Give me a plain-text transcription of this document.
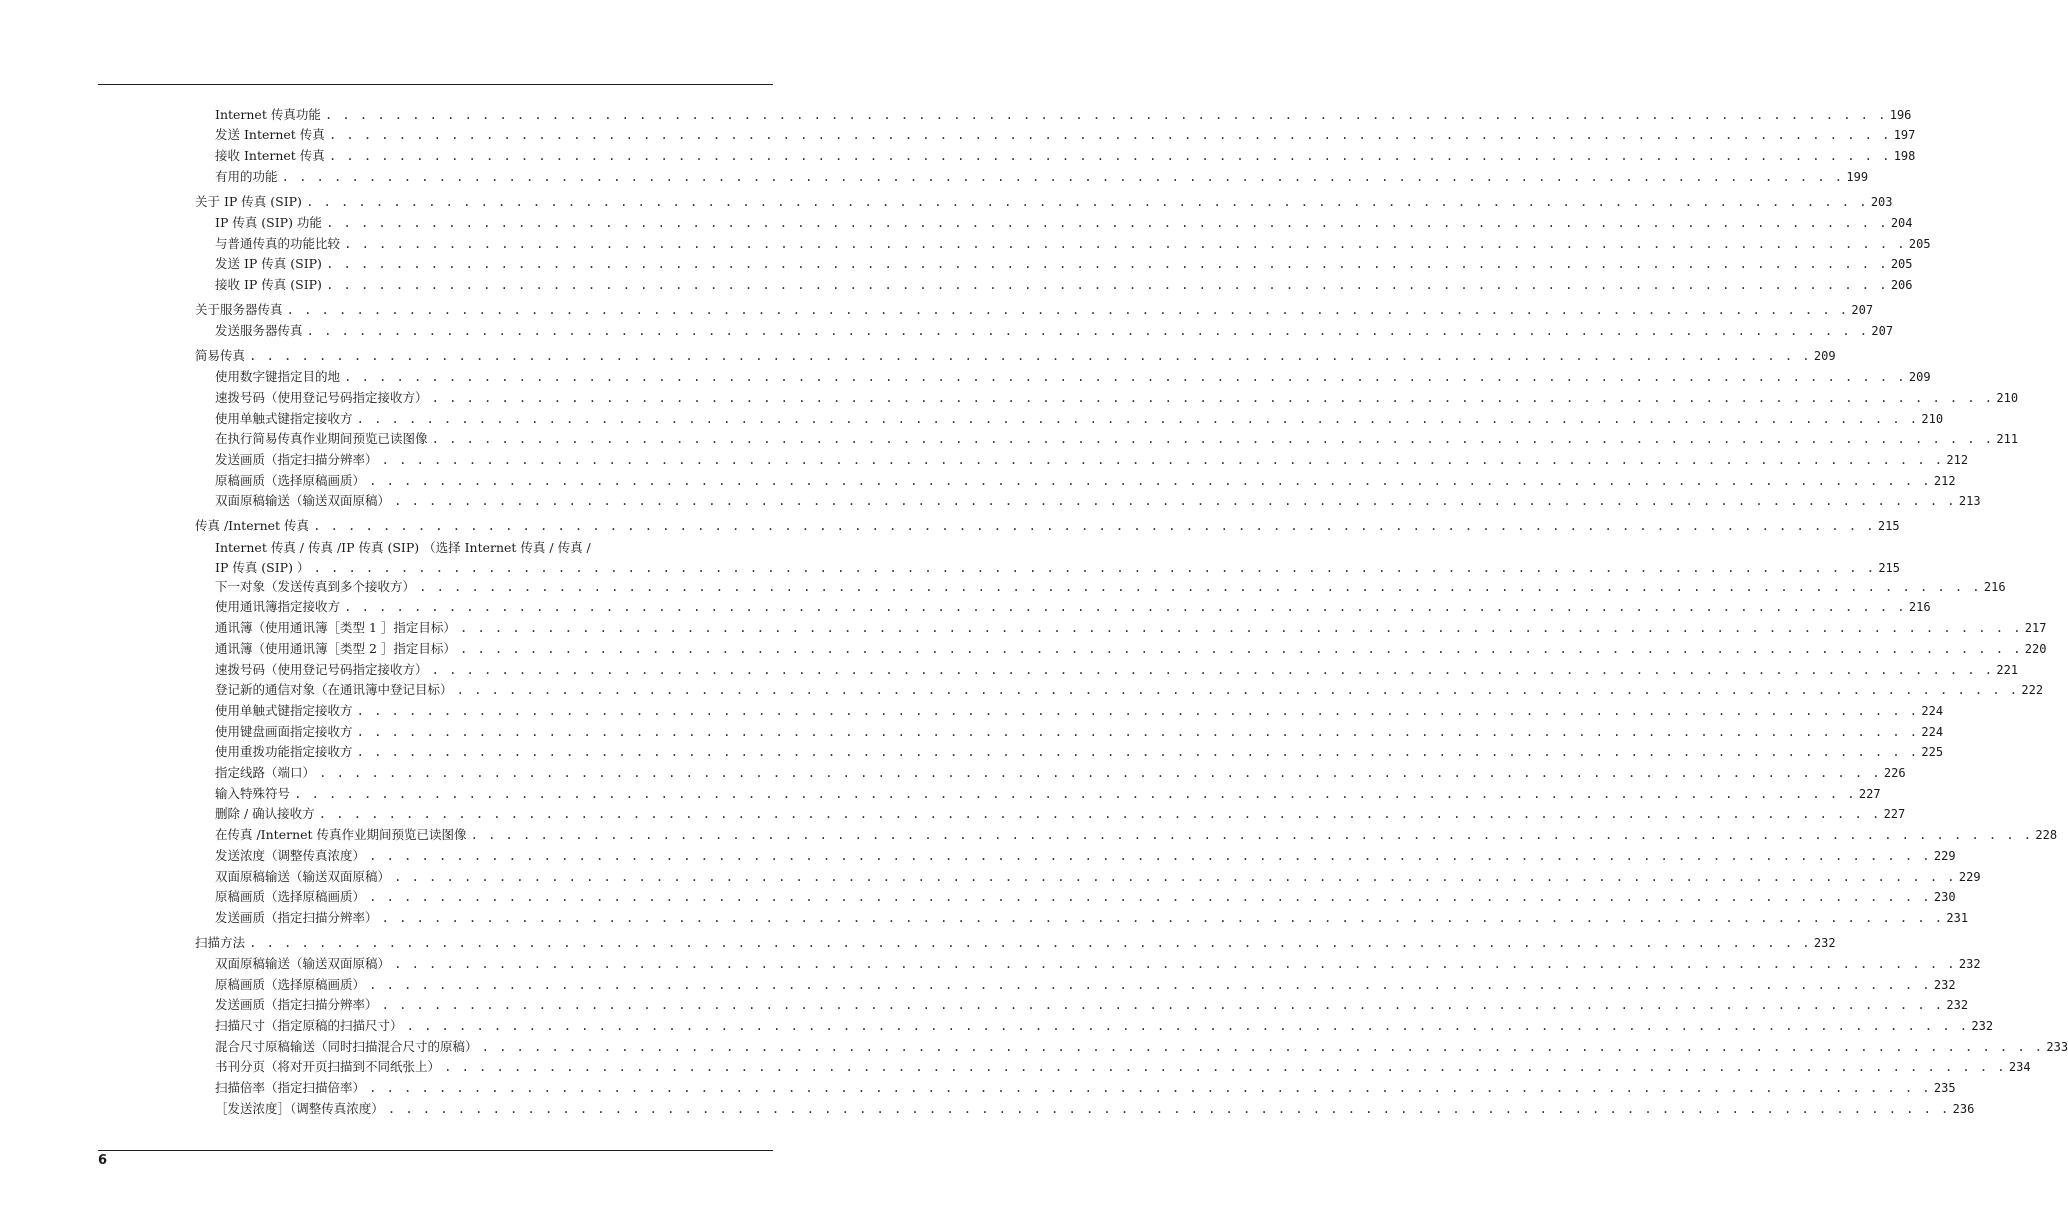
Internet 传真功能 . . . . . . . . . . . . . . . . . . . . . . . . . . . . . . . . . . . . . . . . . . . . . . . . . . . . . . . . . . . . . . . . . . . . . . . . . . . . . . . . . . . . . . . . . . 196
发送 Internet 传真 . . . . . . . . . . . . . . . . . . . . . . . . . . . . . . . . . . . . . . . . . . . . . . . . . . . . . . . . . . . . . . . . . . . . . . . . . . . . . . . . . . . . . . . . . . 197
接收 Internet 传真 . . . . . . . . . . . . . . . . . . . . . . . . . . . . . . . . . . . . . . . . . . . . . . . . . . . . . . . . . . . . . . . . . . . . . . . . . . . . . . . . . . . . . . . . . . 198
有用的功能 . . . . . . . . . . . . . . . . . . . . . . . . . . . . . . . . . . . . . . . . . . . . . . . . . . . . . . . . . . . . . . . . . . . . . . . . . . . . . . . . . . . . . . . . . . 199
关于 IP 传真 (SIP) . . . . . . . . . . . . . . . . . . . . . . . . . . . . . . . . . . . . . . . . . . . . . . . . . . . . . . . . . . . . . . . . . . . . . . . . . . . . . . . . . . . . . . . . . . 203
IP 传真 (SIP) 功能 . . . . . . . . . . . . . . . . . . . . . . . . . . . . . . . . . . . . . . . . . . . . . . . . . . . . . . . . . . . . . . . . . . . . . . . . . . . . . . . . . . . . . . . . . . 204
与普通传真的功能比较 . . . . . . . . . . . . . . . . . . . . . . . . . . . . . . . . . . . . . . . . . . . . . . . . . . . . . . . . . . . . . . . . . . . . . . . . . . . . . . . . . . . . . . . . . . 205
发送 IP 传真 (SIP) . . . . . . . . . . . . . . . . . . . . . . . . . . . . . . . . . . . . . . . . . . . . . . . . . . . . . . . . . . . . . . . . . . . . . . . . . . . . . . . . . . . . . . . . . . 205
接收 IP 传真 (SIP) . . . . . . . . . . . . . . . . . . . . . . . . . . . . . . . . . . . . . . . . . . . . . . . . . . . . . . . . . . . . . . . . . . . . . . . . . . . . . . . . . . . . . . . . . . 206
关于服务器传真 . . . . . . . . . . . . . . . . . . . . . . . . . . . . . . . . . . . . . . . . . . . . . . . . . . . . . . . . . . . . . . . . . . . . . . . . . . . . . . . . . . . . . . . . . . 207
发送服务器传真 . . . . . . . . . . . . . . . . . . . . . . . . . . . . . . . . . . . . . . . . . . . . . . . . . . . . . . . . . . . . . . . . . . . . . . . . . . . . . . . . . . . . . . . . . . 207
简易传真 . . . . . . . . . . . . . . . . . . . . . . . . . . . . . . . . . . . . . . . . . . . . . . . . . . . . . . . . . . . . . . . . . . . . . . . . . . . . . . . . . . . . . . . . . . 209
使用数字键指定目的地 . . . . . . . . . . . . . . . . . . . . . . . . . . . . . . . . . . . . . . . . . . . . . . . . . . . . . . . . . . . . . . . . . . . . . . . . . . . . . . . . . . . . . . . . . . 209
速拨号码（使用登记号码指定接收方） . . . . . . . . . . . . . . . . . . . . . . . . . . . . . . . . . . . . . . . . . . . . . . . . . . . . . . . . . . . . . . . . . . . . . . . . . . . . . . . . . . . . . . . . . . 210
使用单触式键指定接收方 . . . . . . . . . . . . . . . . . . . . . . . . . . . . . . . . . . . . . . . . . . . . . . . . . . . . . . . . . . . . . . . . . . . . . . . . . . . . . . . . . . . . . . . . . . 210
在执行简易传真作业期间预览已读图像 . . . . . . . . . . . . . . . . . . . . . . . . . . . . . . . . . . . . . . . . . . . . . . . . . . . . . . . . . . . . . . . . . . . . . . . . . . . . . . . . . . . . . . . . . . 211
发送画质（指定扫描分辨率） . . . . . . . . . . . . . . . . . . . . . . . . . . . . . . . . . . . . . . . . . . . . . . . . . . . . . . . . . . . . . . . . . . . . . . . . . . . . . . . . . . . . . . . . . . 212
原稿画质（选择原稿画质） . . . . . . . . . . . . . . . . . . . . . . . . . . . . . . . . . . . . . . . . . . . . . . . . . . . . . . . . . . . . . . . . . . . . . . . . . . . . . . . . . . . . . . . . . . 212
双面原稿输送（输送双面原稿） . . . . . . . . . . . . . . . . . . . . . . . . . . . . . . . . . . . . . . . . . . . . . . . . . . . . . . . . . . . . . . . . . . . . . . . . . . . . . . . . . . . . . . . . . . 213
传真 /Internet 传真 . . . . . . . . . . . . . . . . . . . . . . . . . . . . . . . . . . . . . . . . . . . . . . . . . . . . . . . . . . . . . . . . . . . . . . . . . . . . . . . . . . . . . . . . . . 215
Internet 传真 / 传真 /IP 传真 (SIP) （选择 Internet 传真 / 传真 /
IP 传真 (SIP) ） . . . . . . . . . . . . . . . . . . . . . . . . . . . . . . . . . . . . . . . . . . . . . . . . . . . . . . . . . . . . . . . . . . . . . . . . . . . . . . . . . . . . . . . . . . 215
下一对象（发送传真到多个接收方） . . . . . . . . . . . . . . . . . . . . . . . . . . . . . . . . . . . . . . . . . . . . . . . . . . . . . . . . . . . . . . . . . . . . . . . . . . . . . . . . . . . . . . . . . . 216
使用通讯簿指定接收方 . . . . . . . . . . . . . . . . . . . . . . . . . . . . . . . . . . . . . . . . . . . . . . . . . . . . . . . . . . . . . . . . . . . . . . . . . . . . . . . . . . . . . . . . . . 216
通讯簿（使用通讯簿［类型 1 ］指定目标） . . . . . . . . . . . . . . . . . . . . . . . . . . . . . . . . . . . . . . . . . . . . . . . . . . . . . . . . . . . . . . . . . . . . . . . . . . . . . . . . . . . . . . . . . . 217
通讯簿（使用通讯簿［类型 2 ］指定目标） . . . . . . . . . . . . . . . . . . . . . . . . . . . . . . . . . . . . . . . . . . . . . . . . . . . . . . . . . . . . . . . . . . . . . . . . . . . . . . . . . . . . . . . . . . 220
速拨号码（使用登记号码指定接收方） . . . . . . . . . . . . . . . . . . . . . . . . . . . . . . . . . . . . . . . . . . . . . . . . . . . . . . . . . . . . . . . . . . . . . . . . . . . . . . . . . . . . . . . . . . 221
登记新的通信对象（在通讯簿中登记目标） . . . . . . . . . . . . . . . . . . . . . . . . . . . . . . . . . . . . . . . . . . . . . . . . . . . . . . . . . . . . . . . . . . . . . . . . . . . . . . . . . . . . . . . . . . 222
使用单触式键指定接收方 . . . . . . . . . . . . . . . . . . . . . . . . . . . . . . . . . . . . . . . . . . . . . . . . . . . . . . . . . . . . . . . . . . . . . . . . . . . . . . . . . . . . . . . . . . 224
使用键盘画面指定接收方 . . . . . . . . . . . . . . . . . . . . . . . . . . . . . . . . . . . . . . . . . . . . . . . . . . . . . . . . . . . . . . . . . . . . . . . . . . . . . . . . . . . . . . . . . . 224
使用重拨功能指定接收方 . . . . . . . . . . . . . . . . . . . . . . . . . . . . . . . . . . . . . . . . . . . . . . . . . . . . . . . . . . . . . . . . . . . . . . . . . . . . . . . . . . . . . . . . . . 225
指定线路（端口） . . . . . . . . . . . . . . . . . . . . . . . . . . . . . . . . . . . . . . . . . . . . . . . . . . . . . . . . . . . . . . . . . . . . . . . . . . . . . . . . . . . . . . . . . . 226
输入特殊符号 . . . . . . . . . . . . . . . . . . . . . . . . . . . . . . . . . . . . . . . . . . . . . . . . . . . . . . . . . . . . . . . . . . . . . . . . . . . . . . . . . . . . . . . . . . 227
删除 / 确认接收方 . . . . . . . . . . . . . . . . . . . . . . . . . . . . . . . . . . . . . . . . . . . . . . . . . . . . . . . . . . . . . . . . . . . . . . . . . . . . . . . . . . . . . . . . . . 227
在传真 /Internet 传真作业期间预览已读图像 . . . . . . . . . . . . . . . . . . . . . . . . . . . . . . . . . . . . . . . . . . . . . . . . . . . . . . . . . . . . . . . . . . . . . . . . . . . . . . . . . . . . . . . . . . 228
发送浓度（调整传真浓度） . . . . . . . . . . . . . . . . . . . . . . . . . . . . . . . . . . . . . . . . . . . . . . . . . . . . . . . . . . . . . . . . . . . . . . . . . . . . . . . . . . . . . . . . . . 229
双面原稿输送（输送双面原稿） . . . . . . . . . . . . . . . . . . . . . . . . . . . . . . . . . . . . . . . . . . . . . . . . . . . . . . . . . . . . . . . . . . . . . . . . . . . . . . . . . . . . . . . . . . 229
原稿画质（选择原稿画质） . . . . . . . . . . . . . . . . . . . . . . . . . . . . . . . . . . . . . . . . . . . . . . . . . . . . . . . . . . . . . . . . . . . . . . . . . . . . . . . . . . . . . . . . . . 230
发送画质（指定扫描分辨率） . . . . . . . . . . . . . . . . . . . . . . . . . . . . . . . . . . . . . . . . . . . . . . . . . . . . . . . . . . . . . . . . . . . . . . . . . . . . . . . . . . . . . . . . . . 231
扫描方法 . . . . . . . . . . . . . . . . . . . . . . . . . . . . . . . . . . . . . . . . . . . . . . . . . . . . . . . . . . . . . . . . . . . . . . . . . . . . . . . . . . . . . . . . . . 232
双面原稿输送（输送双面原稿） . . . . . . . . . . . . . . . . . . . . . . . . . . . . . . . . . . . . . . . . . . . . . . . . . . . . . . . . . . . . . . . . . . . . . . . . . . . . . . . . . . . . . . . . . . 232
原稿画质（选择原稿画质） . . . . . . . . . . . . . . . . . . . . . . . . . . . . . . . . . . . . . . . . . . . . . . . . . . . . . . . . . . . . . . . . . . . . . . . . . . . . . . . . . . . . . . . . . . 232
发送画质（指定扫描分辨率） . . . . . . . . . . . . . . . . . . . . . . . . . . . . . . . . . . . . . . . . . . . . . . . . . . . . . . . . . . . . . . . . . . . . . . . . . . . . . . . . . . . . . . . . . . 232
扫描尺寸（指定原稿的扫描尺寸） . . . . . . . . . . . . . . . . . . . . . . . . . . . . . . . . . . . . . . . . . . . . . . . . . . . . . . . . . . . . . . . . . . . . . . . . . . . . . . . . . . . . . . . . . . 232
混合尺寸原稿输送（同时扫描混合尺寸的原稿） . . . . . . . . . . . . . . . . . . . . . . . . . . . . . . . . . . . . . . . . . . . . . . . . . . . . . . . . . . . . . . . . . . . . . . . . . . . . . . . . . . . . . . . . . . 233
书刊分页（将对开页扫描到不同纸张上） . . . . . . . . . . . . . . . . . . . . . . . . . . . . . . . . . . . . . . . . . . . . . . . . . . . . . . . . . . . . . . . . . . . . . . . . . . . . . . . . . . . . . . . . . . 234
扫描倍率（指定扫描倍率） . . . . . . . . . . . . . . . . . . . . . . . . . . . . . . . . . . . . . . . . . . . . . . . . . . . . . . . . . . . . . . . . . . . . . . . . . . . . . . . . . . . . . . . . . . 235
［发送浓度］（调整传真浓度） . . . . . . . . . . . . . . . . . . . . . . . . . . . . . . . . . . . . . . . . . . . . . . . . . . . . . . . . . . . . . . . . . . . . . . . . . . . . . . . . . . . . . . . . . . 236
6
